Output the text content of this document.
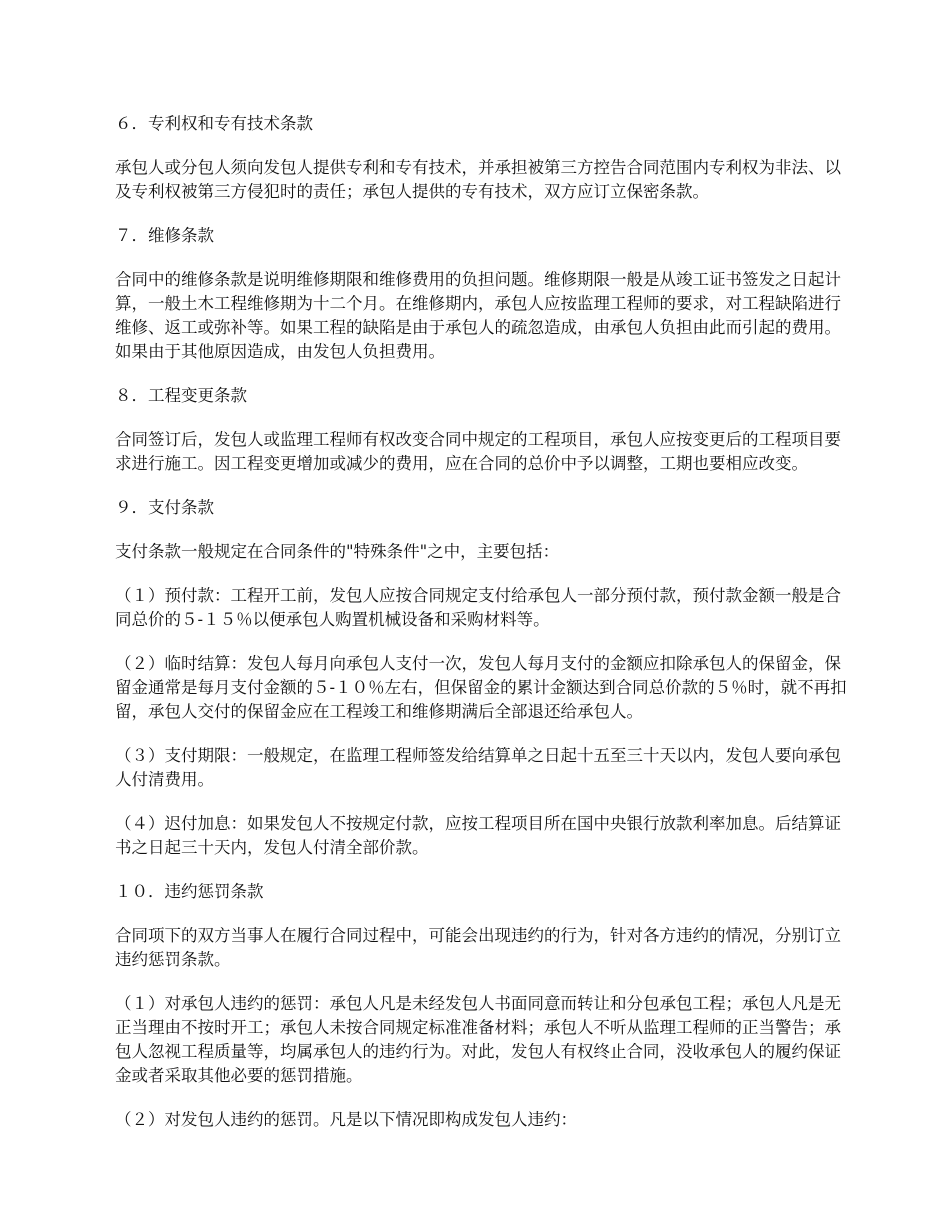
６．专利权和专有技术条款

承包人或分包人须向发包人提供专利和专有技术，并承担被第三方控告合同范围内专利权为非法、以及专利权被第三方侵犯时的责任；承包人提供的专有技术，双方应订立保密条款。

７．维修条款

合同中的维修条款是说明维修期限和维修费用的负担问题。维修期限一般是从竣工证书签发之日起计算，一般土木工程维修期为十二个月。在维修期内，承包人应按监理工程师的要求，对工程缺陷进行维修、返工或弥补等。如果工程的缺陷是由于承包人的疏忽造成，由承包人负担由此而引起的费用。如果由于其他原因造成，由发包人负担费用。

８．工程变更条款

合同签订后，发包人或监理工程师有权改变合同中规定的工程项目，承包人应按变更后的工程项目要求进行施工。因工程变更增加或减少的费用，应在合同的总价中予以调整，工期也要相应改变。

９．支付条款

支付条款一般规定在合同条件的"特殊条件"之中，主要包括：

（１）预付款：工程开工前，发包人应按合同规定支付给承包人一部分预付款，预付款金额一般是合同总价的５-１５％以便承包人购置机械设备和采购材料等。

（２）临时结算：发包人每月向承包人支付一次，发包人每月支付的金额应扣除承包人的保留金，保留金通常是每月支付金额的５-１０％左右，但保留金的累计金额达到合同总价款的５％时，就不再扣留，承包人交付的保留金应在工程竣工和维修期满后全部退还给承包人。

（３）支付期限：一般规定，在监理工程师签发给结算单之日起十五至三十天以内，发包人要向承包人付清费用。

（４）迟付加息：如果发包人不按规定付款，应按工程项目所在国中央银行放款利率加息。后结算证书之日起三十天内，发包人付清全部价款。

１０．违约惩罚条款

合同项下的双方当事人在履行合同过程中，可能会出现违约的行为，针对各方违约的情况，分别订立违约惩罚条款。

（１）对承包人违约的惩罚：承包人凡是未经发包人书面同意而转让和分包承包工程；承包人凡是无正当理由不按时开工；承包人未按合同规定标准准备材料；承包人不听从监理工程师的正当警告；承包人忽视工程质量等，均属承包人的违约行为。对此，发包人有权终止合同，没收承包人的履约保证金或者采取其他必要的惩罚措施。

（２）对发包人违约的惩罚。凡是以下情况即构成发包人违约：
